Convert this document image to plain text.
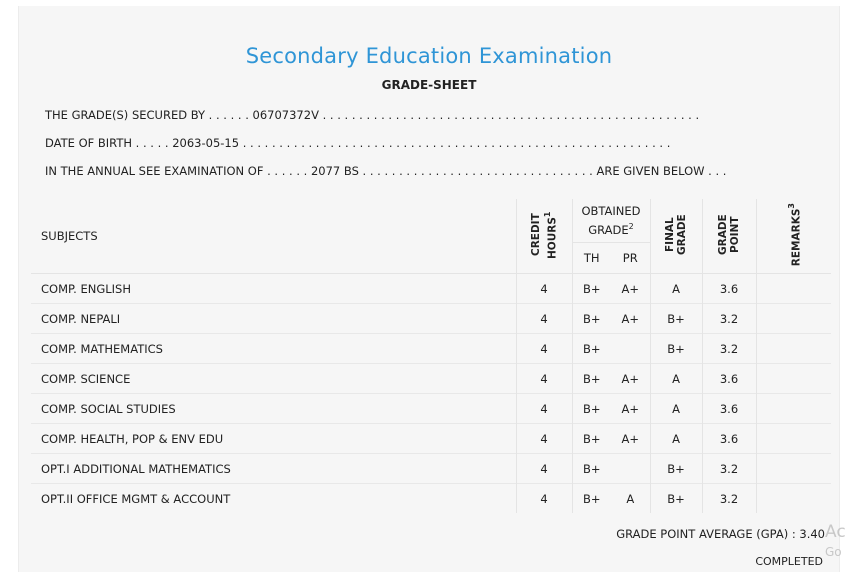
Secondary Education Examination
GRADE-SHEET
THE GRADE(S) SECURED BY . . . . . . 06707372V . . . . . . . . . . . . . . . . . . . . . . . . . . . . . . . . . . . . . . . . . . . . . . . . . . . .
DATE OF BIRTH . . . . . 2063-05-15 . . . . . . . . . . . . . . . . . . . . . . . . . . . . . . . . . . . . . . . . . . . . . . . . . . . . . . . . . . .
IN THE ANNUAL SEE EXAMINATION OF . . . . . . 2077 BS . . . . . . . . . . . . . . . . . . . . . . . . . . . . . . . . ARE GIVEN BELOW . . .
SUBJECTS	CREDIT HOURS$^1$	OBTAINED GRADE$^2$		FINAL GRADE	GRADE POINT	REMARKS$^3$
		TH	PR			
COMP. ENGLISH	4	B+	A+	A	3.6	
COMP. NEPALI	4	B+	A+	B+	3.2	
COMP. MATHEMATICS	4	B+		B+	3.2	
COMP. SCIENCE	4	B+	A+	A	3.6	
COMP. SOCIAL STUDIES	4	B+	A+	A	3.6	
COMP. HEALTH, POP & ENV EDU	4	B+	A+	A	3.6	
OPT.I ADDITIONAL MATHEMATICS	4	B+		B+	3.2	
OPT.II OFFICE MGMT & ACCOUNT	4	B+	A	B+	3.2	
GRADE POINT AVERAGE (GPA) : 3.40
COMPLETED
Ac
Go
